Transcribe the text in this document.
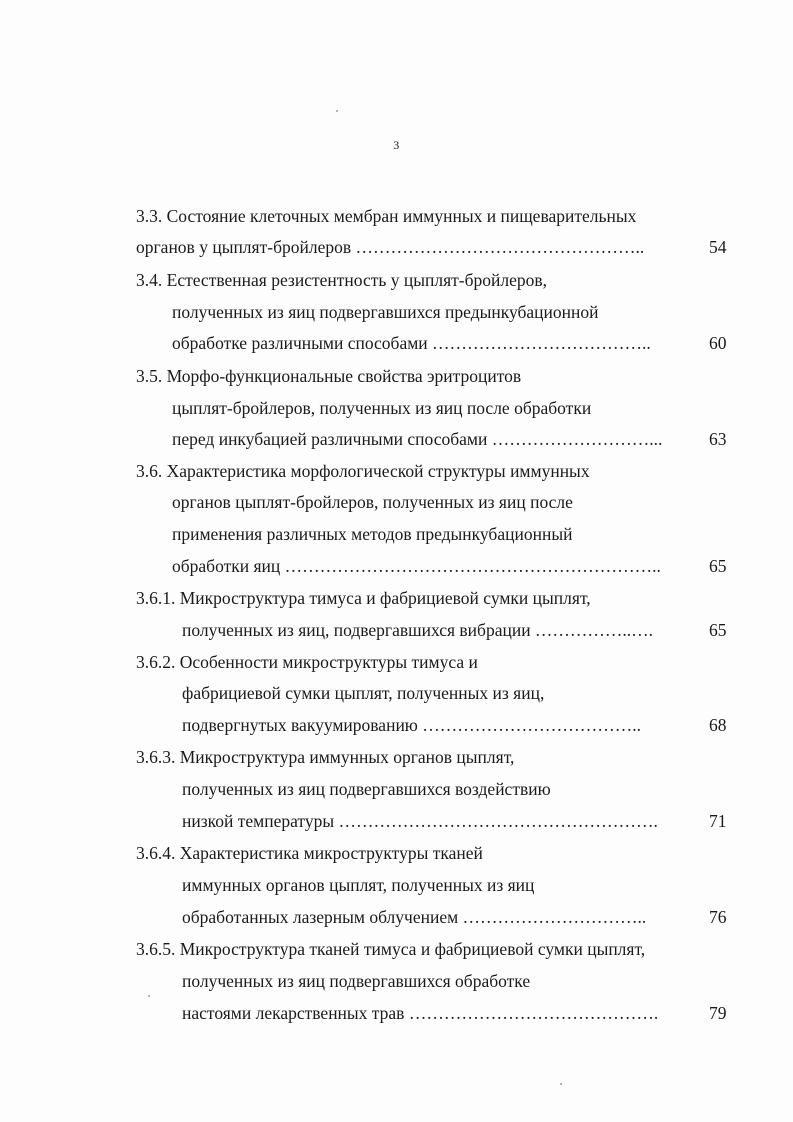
3
3.3. Состояние клеточных мембран иммунных и пищеварительных
органов у цыплят-бройлеров …………………………………………..	54
3.4. Естественная резистентность у цыплят-бройлеров,
полученных из яиц подвергавшихся предынкубационной
обработке различными способами ………………………………..	60
3.5. Морфо-функциональные свойства эритроцитов
цыплят-бройлеров, полученных из яиц после обработки
перед инкубацией различными способами ………………………...	63
3.6. Характеристика морфологической структуры иммунных
органов цыплят-бройлеров, полученных из яиц после
применения различных методов предынкубационный
обработки яиц ………………………………………………………..	65
3.6.1. Микроструктура тимуса и фабрициевой сумки цыплят,
полученных из яиц, подвергавшихся вибрации ……………..….	65
3.6.2. Особенности микроструктуры тимуса и
фабрициевой сумки цыплят, полученных из яиц,
подвергнутых вакуумированию ………………………………..	68
3.6.3. Микроструктура иммунных органов цыплят,
полученных из яиц подвергавшихся воздействию
низкой температуры ……………………………………………….	71
3.6.4. Характеристика микроструктуры тканей
иммунных органов цыплят, полученных из яиц
обработанных лазерным облучением …………………………..	76
3.6.5. Микроструктура тканей тимуса и фабрициевой сумки цыплят,
полученных из яиц подвергавшихся обработке
настоями лекарственных трав …………………………………….	79
